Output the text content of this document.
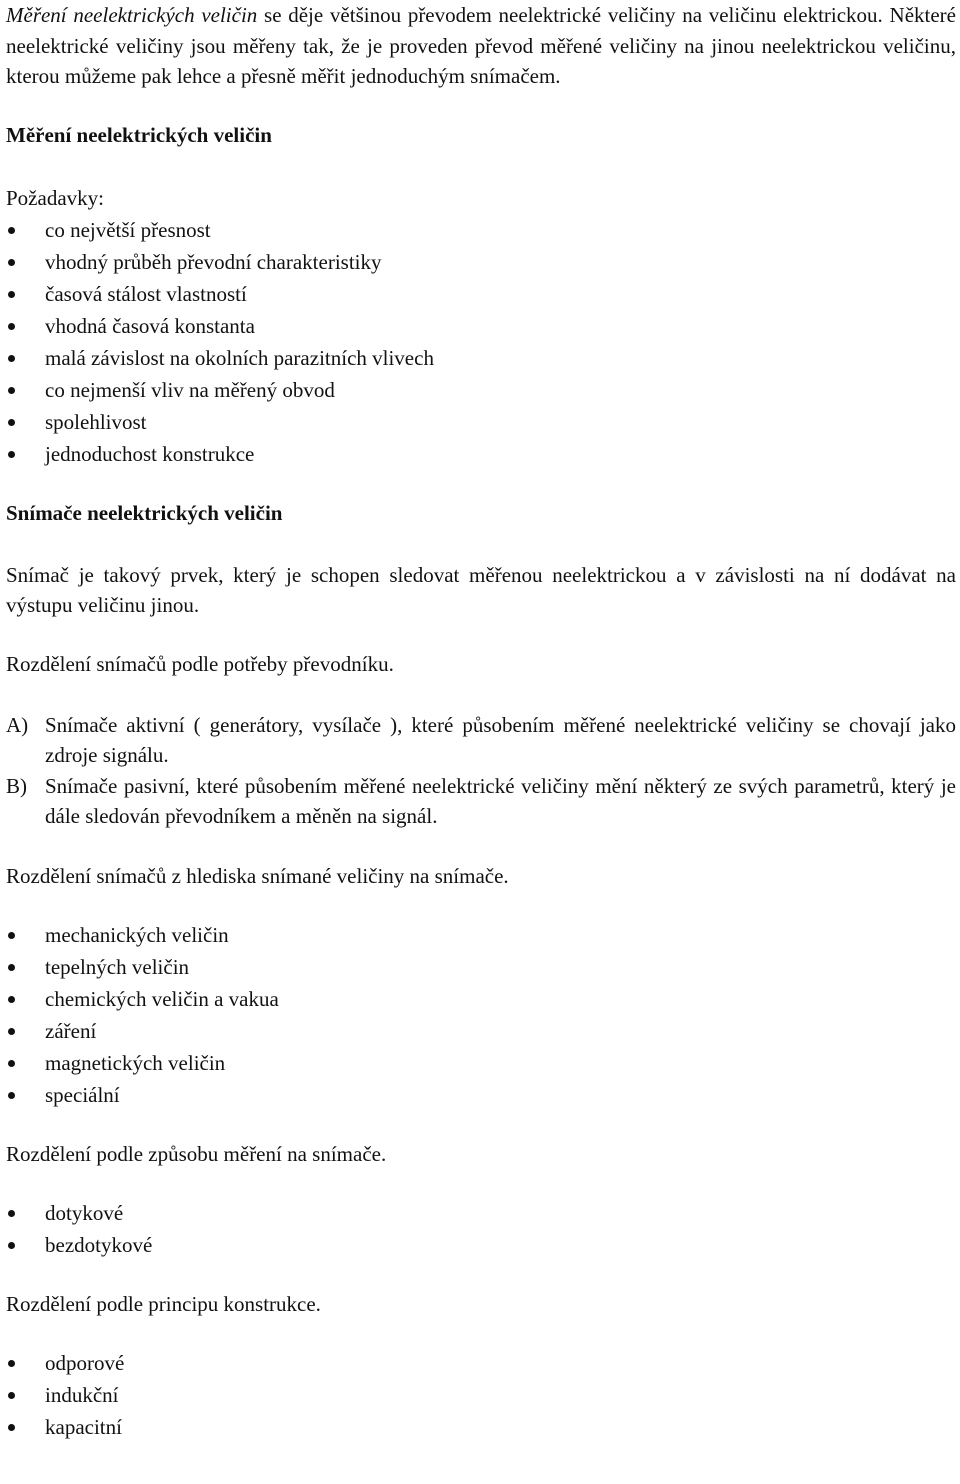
Měření neelektrických veličin se děje většinou převodem neelektrické veličiny na veličinu elektrickou. Některé neelektrické veličiny jsou měřeny tak, že je proveden převod měřené veličiny na jinou neelektrickou veličinu, kterou můžeme pak lehce a přesně měřit jednoduchým snímačem.

Měření neelektrických veličin

Požadavky:

co největší přesnost
vhodný průběh převodní charakteristiky
časová stálost vlastností
vhodná časová konstanta
malá závislost na okolních parazitních vlivech
co nejmenší vliv na měřený obvod
spolehlivost
jednoduchost konstrukce
Snímače neelektrických veličin

Snímač je takový prvek, který je schopen sledovat měřenou neelektrickou a v závislosti na ní dodávat na výstupu veličinu jinou.

Rozdělení snímačů podle potřeby převodníku.

A) Snímače aktivní ( generátory, vysílače ), které působením měřené neelektrické veličiny se chovají jako zdroje signálu.
B) Snímače pasivní, které působením měřené neelektrické veličiny mění některý ze svých parametrů, který je dále sledován převodníkem a měněn na signál.

Rozdělení snímačů z hlediska snímané veličiny na snímače.

mechanických veličin
tepelných veličin
chemických veličin a vakua
záření
magnetických veličin
speciální

Rozdělení podle způsobu měření na snímače.

dotykové
bezdotykové

Rozdělení podle principu konstrukce.

odporové
indukční
kapacitní
